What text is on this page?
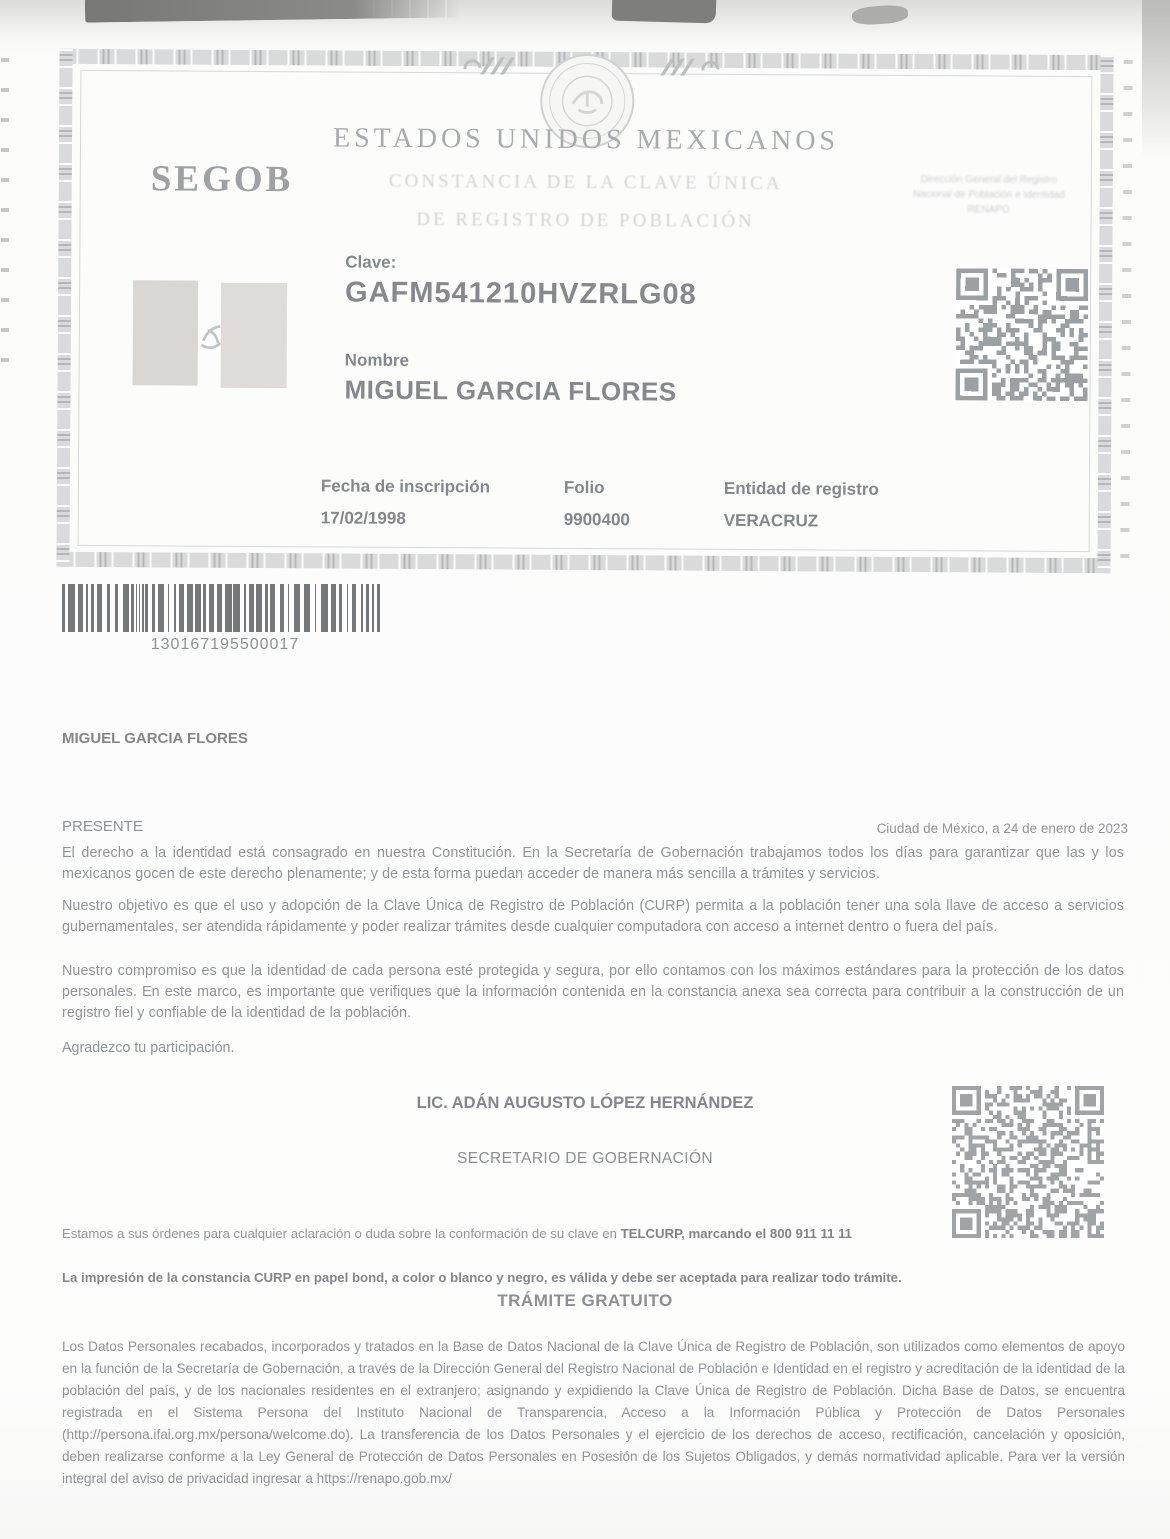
SEGOB
ESTADOS UNIDOS MEXICANOS
CONSTANCIA DE LA CLAVE ÚNICA
DE REGISTRO DE POBLACIÓN
Dirección General del Registro
Nacional de Población e Identidad
RENAPO
Clave:
GAFM541210HVZRLG08
Nombre
MIGUEL GARCIA FLORES
Fecha de inscripción
17/02/1998
Folio
9900400
Entidad de registro
VERACRUZ
130167195500017
MIGUEL GARCIA FLORES
PRESENTE	Ciudad de México, a 24 de enero de 2023

El derecho a la identidad está consagrado en nuestra Constitución. En la Secretaría de Gobernación trabajamos todos los días para garantizar que las y los mexicanos gocen de este derecho plenamente; y de esta forma puedan acceder de manera más sencilla a trámites y servicios.

Nuestro objetivo es que el uso y adopción de la Clave Única de Registro de Población (CURP) permita a la población tener una sola llave de acceso a servicios gubernamentales, ser atendida rápidamente y poder realizar trámites desde cualquier computadora con acceso a internet dentro o fuera del país.

Nuestro compromiso es que la identidad de cada persona esté protegida y segura, por ello contamos con los máximos estándares para la protección de los datos personales. En este marco, es importante que verifiques que la información contenida en la constancia anexa sea correcta para contribuir a la construcción de un registro fiel y confiable de la identidad de la población.

Agradezco tu participación.
LIC. ADÁN AUGUSTO LÓPEZ HERNÁNDEZ
SECRETARIO DE GOBERNACIÓN

Estamos a sus órdenes para cualquier aclaración o duda sobre la conformación de su clave en TELCURP, marcando el 800 911 11 11

La impresión de la constancia CURP en papel bond, a color o blanco y negro, es válida y debe ser aceptada para realizar todo trámite.
TRÁMITE GRATUITO

Los Datos Personales recabados, incorporados y tratados en la Base de Datos Nacional de la Clave Única de Registro de Población, son utilizados como elementos de apoyo en la función de la Secretaría de Gobernación, a través de la Dirección General del Registro Nacional de Población e Identidad en el registro y acreditación de la identidad de la población del país, y de los nacionales residentes en el extranjero; asignando y expidiendo la Clave Única de Registro de Población. Dicha Base de Datos, se encuentra registrada en el Sistema Persona del Instituto Nacional de Transparencia, Acceso a la Información Pública y Protección de Datos Personales (http://persona.ifai.org.mx/persona/welcome.do). La transferencia de los Datos Personales y el ejercicio de los derechos de acceso, rectificación, cancelación y oposición, deben realizarse conforme a la Ley General de Protección de Datos Personales en Posesión de los Sujetos Obligados, y demás normatividad aplicable. Para ver la versión integral del aviso de privacidad ingresar a https://renapo.gob.mx/
